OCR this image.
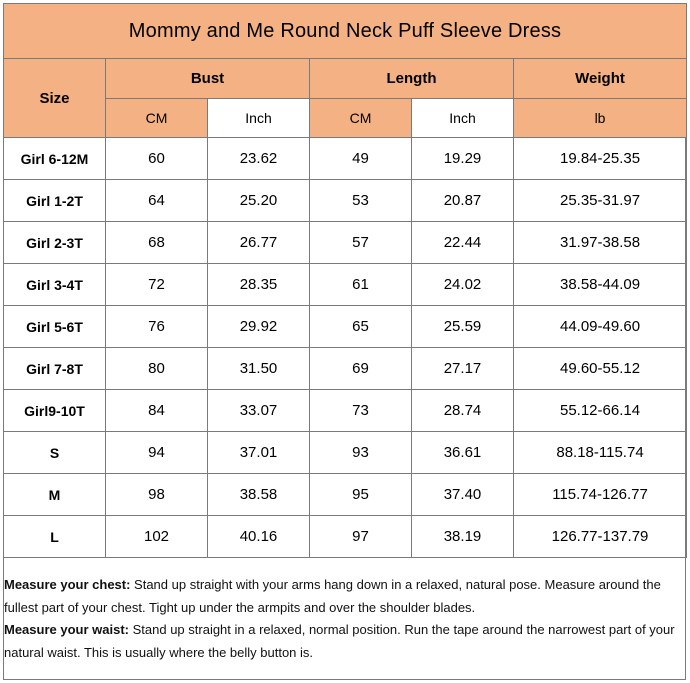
Mommy and Me Round Neck Puff Sleeve Dress					
Size	Bust		Length		Weight
	CM	Inch	CM	Inch	lb
Girl 6-12M	60	23.62	49	19.29	19.84-25.35
Girl 1-2T	64	25.20	53	20.87	25.35-31.97
Girl 2-3T	68	26.77	57	22.44	31.97-38.58
Girl 3-4T	72	28.35	61	24.02	38.58-44.09
Girl 5-6T	76	29.92	65	25.59	44.09-49.60
Girl 7-8T	80	31.50	69	27.17	49.60-55.12
Girl9-10T	84	33.07	73	28.74	55.12-66.14
S	94	37.01	93	36.61	88.18-115.74
M	98	38.58	95	37.40	115.74-126.77
L	102	40.16	97	38.19	126.77-137.79

Measure your chest: Stand up straight with your arms hang down in a relaxed, natural pose. Measure around the fullest part of your chest. Tight up under the armpits and over the shoulder blades.

Measure your waist: Stand up straight in a relaxed, normal position. Run the tape around the narrowest part of your natural waist. This is usually where the belly button is.
